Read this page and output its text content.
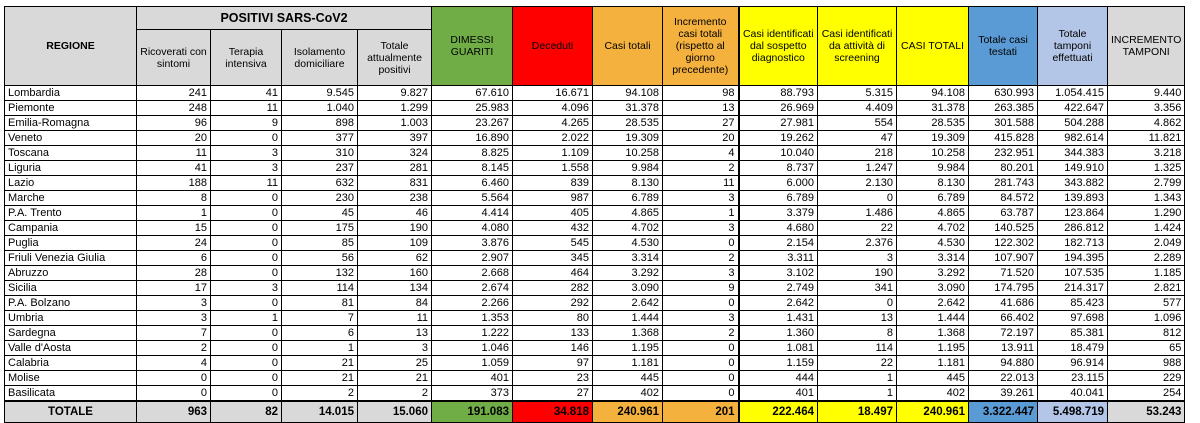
REGIONE	POSITIVI SARS-CoV2				DIMESSI GUARITI	Deceduti	Casi totali	Incremento casi totali (rispetto al giorno precedente)	Casi identificati dal sospetto diagnostico	Casi identificati da attività di screening	CASI TOTALI	Totale casi testati	Totale tamponi effettuati	INCREMENTO TAMPONI
	Ricoverati con sintomi	Terapia intensiva	Isolamento domiciliare	Totale attualmente positivi										
Lombardia	241	41	9.545	9.827	67.610	16.671	94.108	98	88.793	5.315	94.108	630.993	1.054.415	9.440
Piemonte	248	11	1.040	1.299	25.983	4.096	31.378	13	26.969	4.409	31.378	263.385	422.647	3.356
Emilia-Romagna	96	9	898	1.003	23.267	4.265	28.535	27	27.981	554	28.535	301.588	504.288	4.862
Veneto	20	0	377	397	16.890	2.022	19.309	20	19.262	47	19.309	415.828	982.614	11.821
Toscana	11	3	310	324	8.825	1.109	10.258	4	10.040	218	10.258	232.951	344.383	3.218
Liguria	41	3	237	281	8.145	1.558	9.984	2	8.737	1.247	9.984	80.201	149.910	1.325
Lazio	188	11	632	831	6.460	839	8.130	11	6.000	2.130	8.130	281.743	343.882	2.799
Marche	8	0	230	238	5.564	987	6.789	3	6.789	0	6.789	84.572	139.893	1.343
P.A. Trento	1	0	45	46	4.414	405	4.865	1	3.379	1.486	4.865	63.787	123.864	1.290
Campania	15	0	175	190	4.080	432	4.702	3	4.680	22	4.702	140.525	286.812	1.424
Puglia	24	0	85	109	3.876	545	4.530	0	2.154	2.376	4.530	122.302	182.713	2.049
Friuli Venezia Giulia	6	0	56	62	2.907	345	3.314	2	3.311	3	3.314	107.907	194.395	2.289
Abruzzo	28	0	132	160	2.668	464	3.292	3	3.102	190	3.292	71.520	107.535	1.185
Sicilia	17	3	114	134	2.674	282	3.090	9	2.749	341	3.090	174.795	214.317	2.821
P.A. Bolzano	3	0	81	84	2.266	292	2.642	0	2.642	0	2.642	41.686	85.423	577
Umbria	3	1	7	11	1.353	80	1.444	3	1.431	13	1.444	66.402	97.698	1.096
Sardegna	7	0	6	13	1.222	133	1.368	2	1.360	8	1.368	72.197	85.381	812
Valle d'Aosta	2	0	1	3	1.046	146	1.195	0	1.081	114	1.195	13.911	18.479	65
Calabria	4	0	21	25	1.059	97	1.181	0	1.159	22	1.181	94.880	96.914	988
Molise	0	0	21	21	401	23	445	0	444	1	445	22.013	23.115	229
Basilicata	0	0	2	2	373	27	402	0	401	1	402	39.261	40.041	254
TOTALE	963	82	14.015	15.060	191.083	34.818	240.961	201	222.464	18.497	240.961	3.322.447	5.498.719	53.243
